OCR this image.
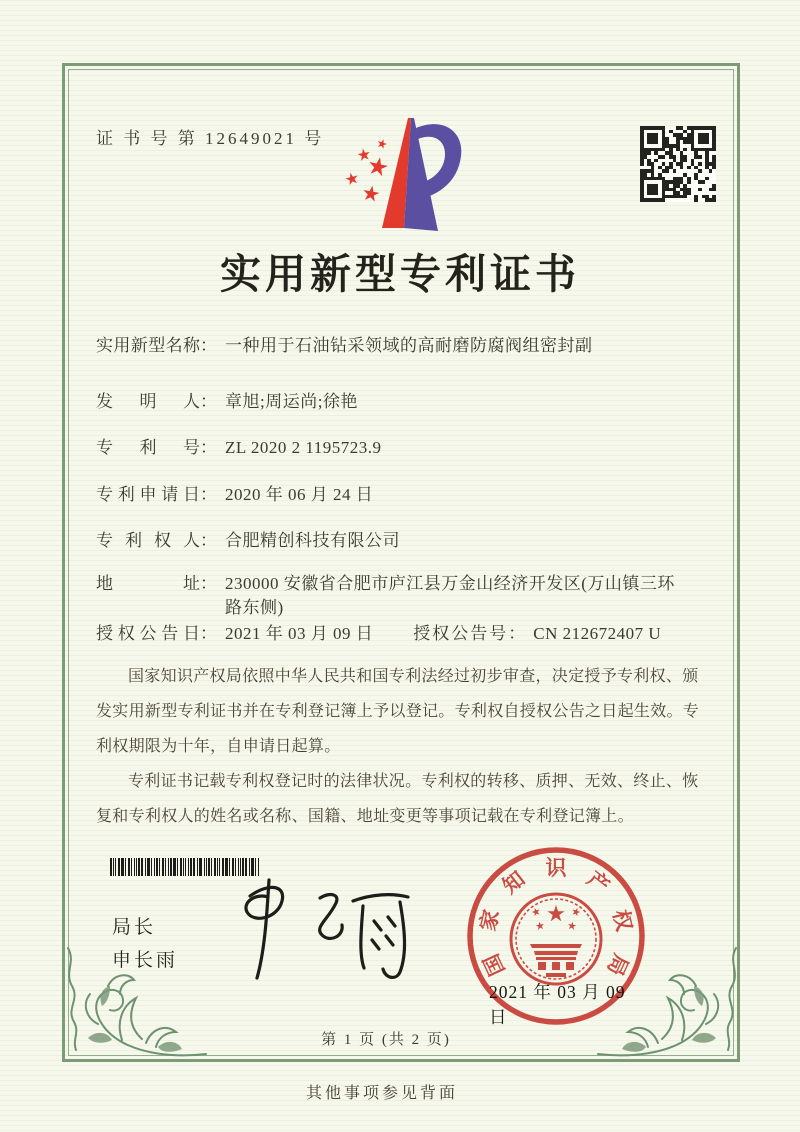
证 书 号 第 12649021 号
实用新型专利证书
实用新型名称： 一种用于石油钻采领域的高耐磨防腐阀组密封副
发明人： 章旭;周运尚;徐艳
专利号： ZL 2020 2 1195723.9
专利申请日： 2020 年 06 月 24 日
专利权人： 合肥精创科技有限公司
地址： 230000 安徽省合肥市庐江县万金山经济开发区(万山镇三环路东侧)
授权公告日： 2021 年 03 月 09 日 授权公告号： CN 212672407 U

国家知识产权局依照中华人民共和国专利法经过初步审查，决定授予专利权、颁发实用新型专利证书并在专利登记簿上予以登记。专利权自授权公告之日起生效。专利权期限为十年，自申请日起算。

专利证书记载专利权登记时的法律状况。专利权的转移、质押、无效、终止、恢复和专利权人的姓名或名称、国籍、地址变更等事项记载在专利登记簿上。

局长
申长雨
2021 年 03 月 09 日
国
家
知 识 产
权
局
第 1 页 (共 2 页)
其他事项参见背面
